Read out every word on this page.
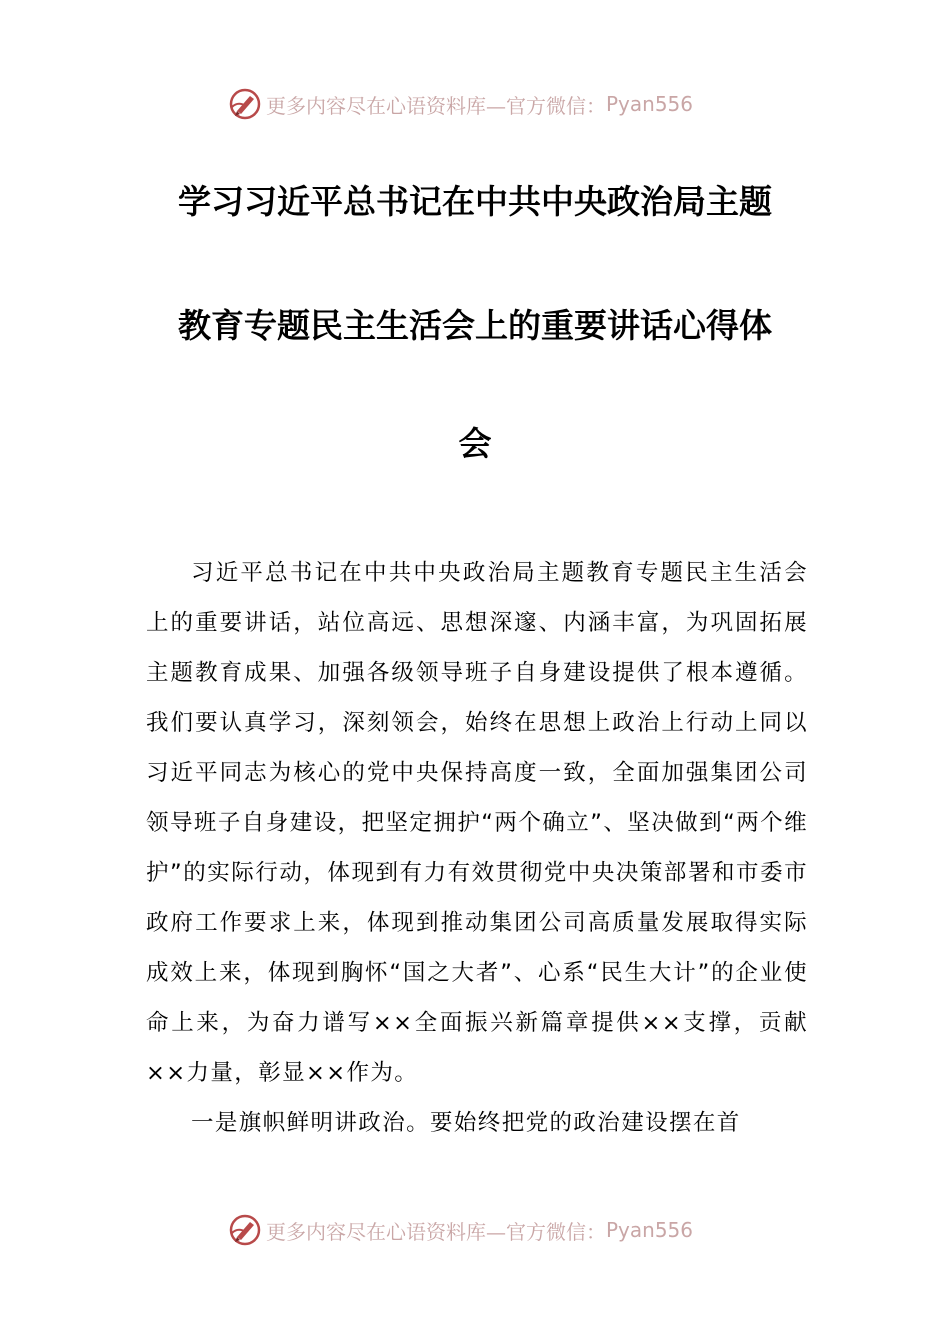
更多内容尽在心语资料库—官方微信： Pyan556
学习习近平总书记在中共中央政治局主题
教育专题民主生活会上的重要讲话心得体
会

习近平总书记在中共中央政治局主题教育专题民主生活会上的重要讲话，站位高远、思想深邃、内涵丰富，为巩固拓展主题教育成果、加强各级领导班子自身建设提供了根本遵循。我们要认真学习，深刻领会，始终在思想上政治上行动上同以习近平同志为核心的党中央保持高度一致，全面加强集团公司领导班子自身建设，把坚定拥护“两个确立”、坚决做到“两个维护”的实际行动，体现到有力有效贯彻党中央决策部署和市委市政府工作要求上来，体现到推动集团公司高质量发展取得实际成效上来，体现到胸怀“国之大者”、心系“民生大计”的企业使命上来，为奋力谱写××全面振兴新篇章提供××支撑，贡献××力量，彰显××作为。

一是旗帜鲜明讲政治。要始终把党的政治建设摆在首

更多内容尽在心语资料库—官方微信： Pyan556
